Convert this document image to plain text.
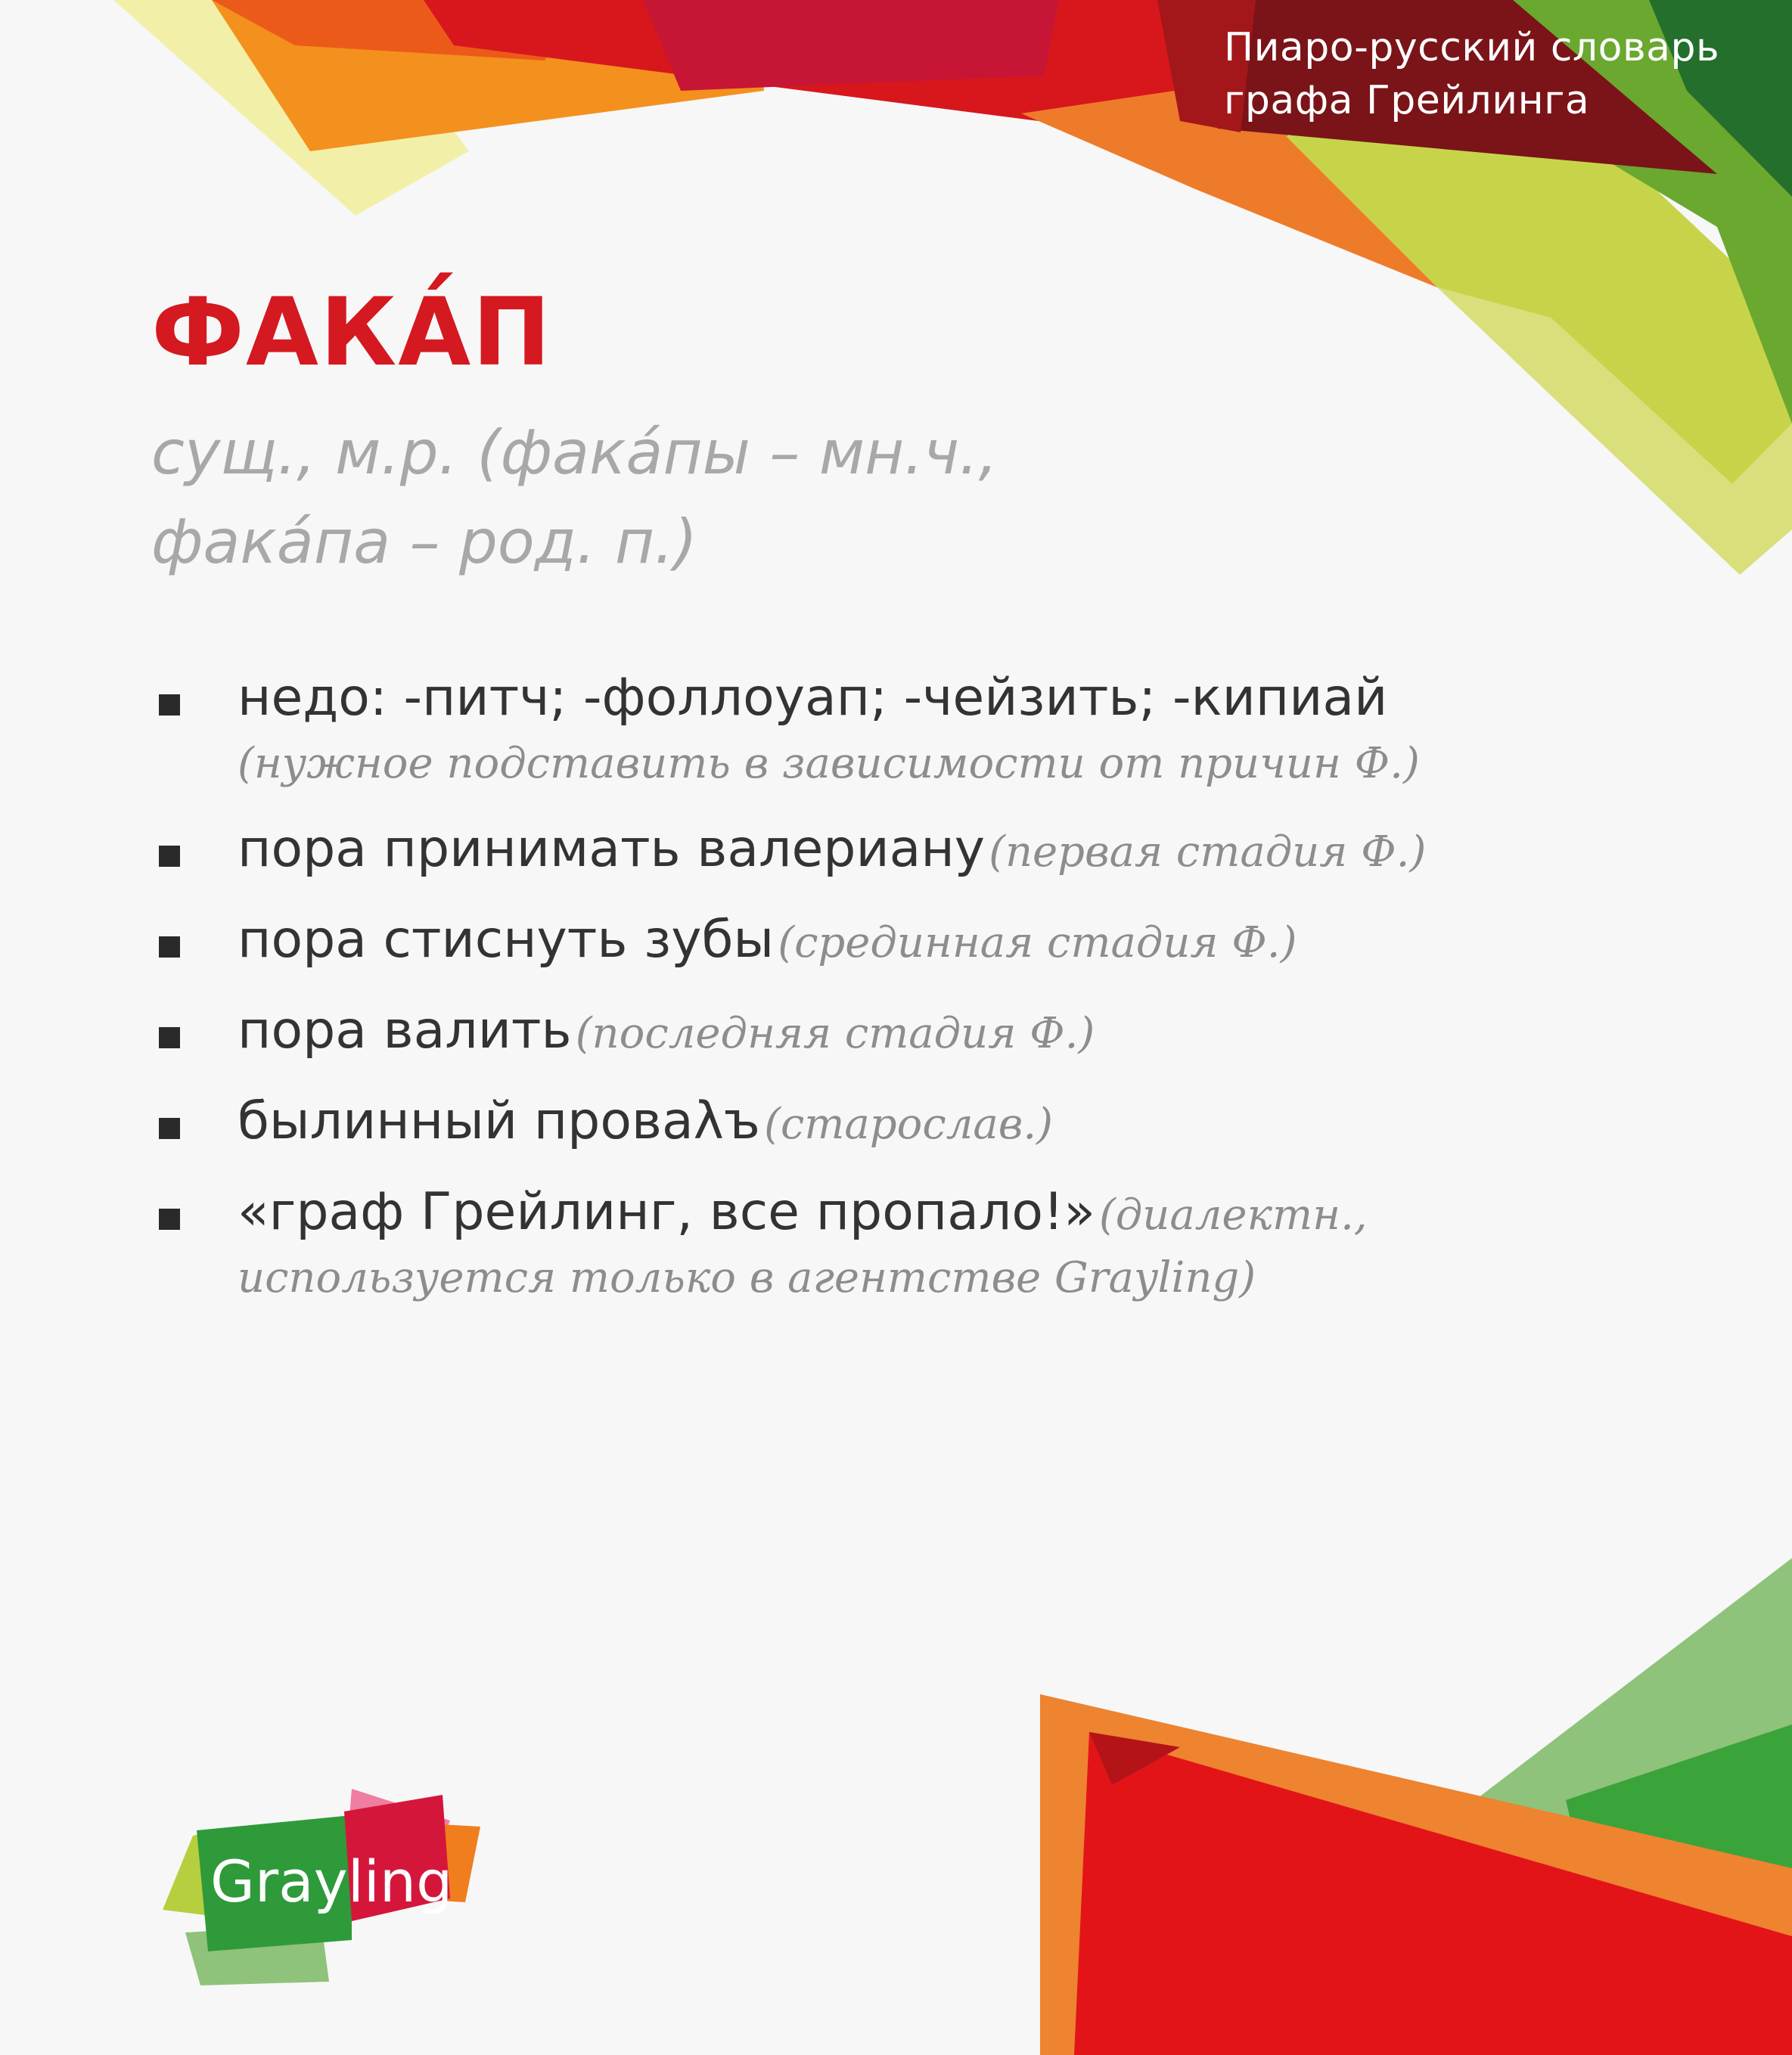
Пиаро-русский словарь
графа Грейлинга
ФАКА́П
сущ., м.р. (фака́пы – мн.ч.,
фака́па – род. п.)
недо: -питч; -фоллоуап; -чейзить; -кипиай
(нужное подставить в зависимости от причин Ф.)
пора принимать валериану (первая стадия Ф.)
пора стиснуть зубы (срединная стадия Ф.)
пора валить (последняя стадия Ф.)
былинный проваλъ (старослав.)
«граф Грейлинг, все пропало!» (диалектн.,
используется только в агентстве Grayling)
Grayling
